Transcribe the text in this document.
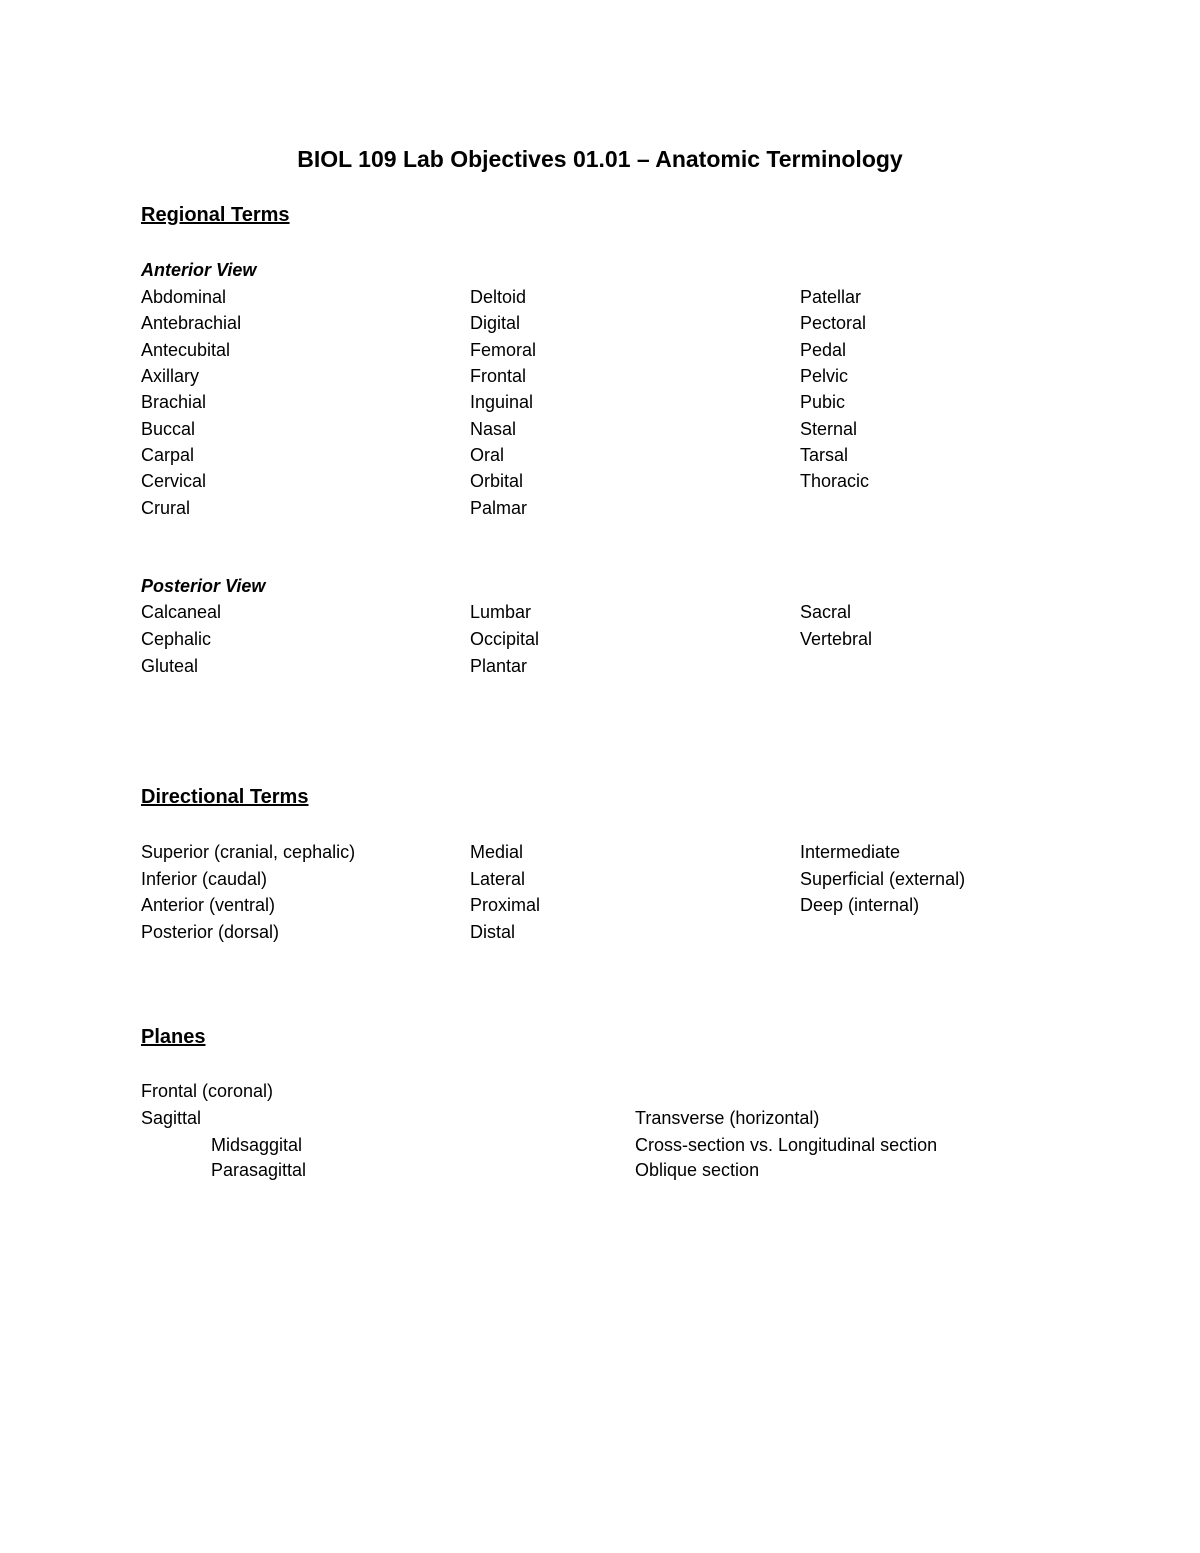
BIOL 109 Lab Objectives 01.01 – Anatomic Terminology
Regional Terms
Anterior View
Abdominal
Antebrachial
Antecubital
Axillary
Brachial
Buccal
Carpal
Cervical
Crural
Deltoid
Digital
Femoral
Frontal
Inguinal
Nasal
Oral
Orbital
Palmar
Patellar
Pectoral
Pedal
Pelvic
Pubic
Sternal
Tarsal
Thoracic
Posterior View
Calcaneal
Cephalic
Gluteal
Lumbar
Occipital
Plantar
Sacral
Vertebral
Directional Terms
Superior (cranial, cephalic)
Inferior (caudal)
Anterior (ventral)
Posterior (dorsal)
Medial
Lateral
Proximal
Distal
Intermediate
Superficial (external)
Deep (internal)
Planes
Frontal (coronal)
Sagittal
Midsaggital
Parasagittal
Transverse (horizontal)
Cross-section vs. Longitudinal section
Oblique section
